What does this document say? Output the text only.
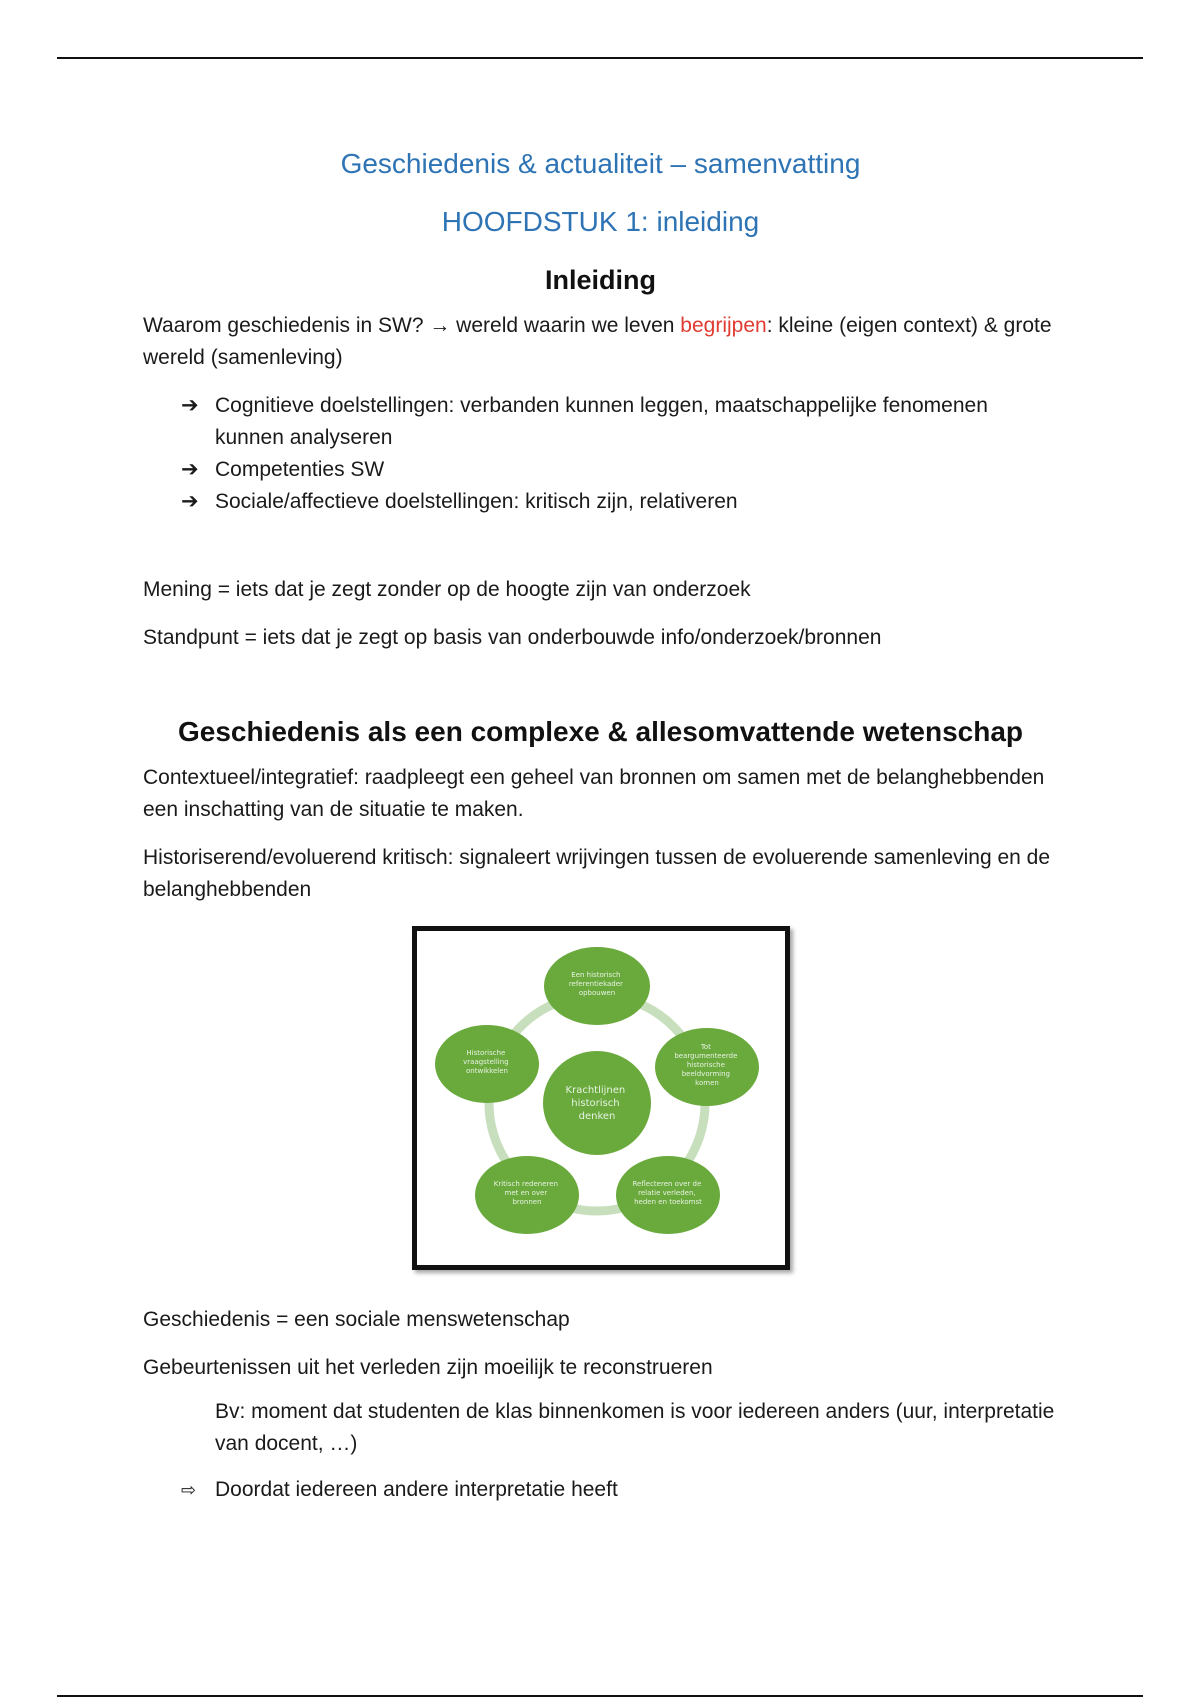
Geschiedenis & actualiteit – samenvatting
HOOFDSTUK 1: inleiding
Inleiding

Waarom geschiedenis in SW? → wereld waarin we leven begrijpen: kleine (eigen context) & grote wereld (samenleving)

➔ Cognitieve doelstellingen: verbanden kunnen leggen, maatschappelijke fenomenen kunnen analyseren
➔ Competenties SW
➔ Sociale/affectieve doelstellingen: kritisch zijn, relativeren

Mening = iets dat je zegt zonder op de hoogte zijn van onderzoek

Standpunt = iets dat je zegt op basis van onderbouwde info/onderzoek/bronnen

Geschiedenis als een complexe & allesomvattende wetenschap

Contextueel/integratief: raadpleegt een geheel van bronnen om samen met de belanghebbenden een inschatting van de situatie te maken.

Historiserend/evoluerend kritisch: signaleert wrijvingen tussen de evoluerende samenleving en de belanghebbenden

Krachtlijnen historisch denken
Een historisch referentiekader opbouwen
Tot beargumenteerde historische beeldvorming komen
Reflecteren over de relatie verleden, heden en toekomst
Kritisch redeneren met en over bronnen
Historische vraagstelling ontwikkelen

Geschiedenis = een sociale menswetenschap

Gebeurtenissen uit het verleden zijn moeilijk te reconstrueren

Bv: moment dat studenten de klas binnenkomen is voor iedereen anders (uur, interpretatie van docent, …)

⇨ Doordat iedereen andere interpretatie heeft
